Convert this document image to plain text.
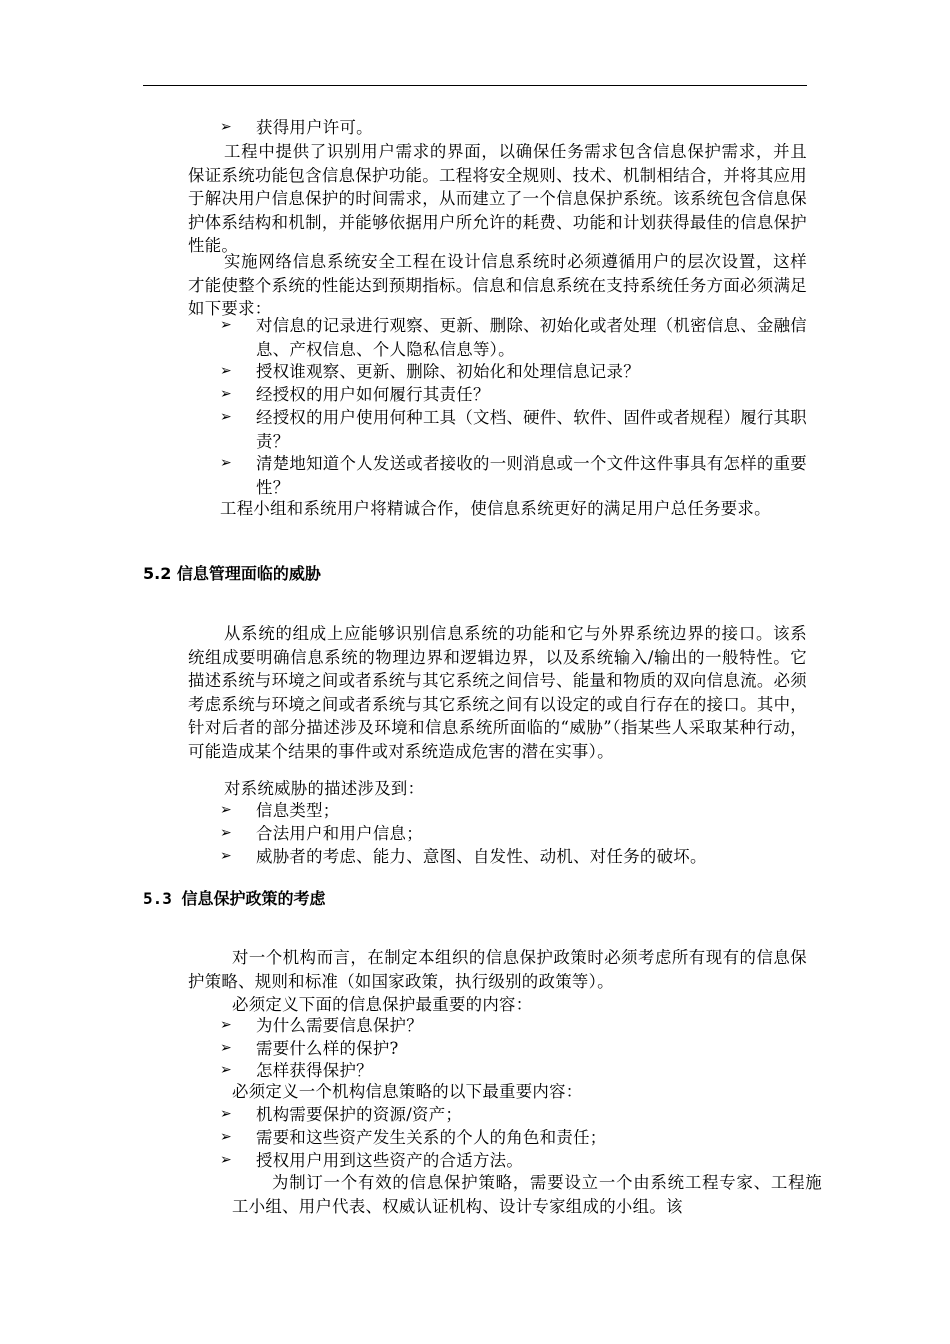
➢	获得用户许可。

工程中提供了识别用户需求的界面，以确保任务需求包含信息保护需求，并且保证系统功能包含信息保护功能。工程将安全规则、技术、机制相结合，并将其应用于解决用户信息保护的时间需求，从而建立了一个信息保护系统。该系统包含信息保护体系结构和机制，并能够依据用户所允许的耗费、功能和计划获得最佳的信息保护性能。

实施网络信息系统安全工程在设计信息系统时必须遵循用户的层次设置，这样才能使整个系统的性能达到预期指标。信息和信息系统在支持系统任务方面必须满足如下要求：

➢	对信息的记录进行观察、更新、删除、初始化或者处理（机密信息、金融信息、产权信息、个人隐私信息等）。
➢	授权谁观察、更新、删除、初始化和处理信息记录？
➢	经授权的用户如何履行其责任？
➢	经授权的用户使用何种工具（文档、硬件、软件、固件或者规程）履行其职责？
➢	清楚地知道个人发送或者接收的一则消息或一个文件这件事具有怎样的重要性？

工程小组和系统用户将精诚合作，使信息系统更好的满足用户总任务要求。

5.2 信息管理面临的威胁

从系统的组成上应能够识别信息系统的功能和它与外界系统边界的接口。该系统组成要明确信息系统的物理边界和逻辑边界，以及系统输入/输出的一般特性。它描述系统与环境之间或者系统与其它系统之间信号、能量和物质的双向信息流。必须考虑系统与环境之间或者系统与其它系统之间有以设定的或自行存在的接口。其中，针对后者的部分描述涉及环境和信息系统所面临的“威胁”（指某些人采取某种行动，可能造成某个结果的事件或对系统造成危害的潜在实事）。

对系统威胁的描述涉及到：

➢	信息类型；
➢	合法用户和用户信息；
➢	威胁者的考虑、能力、意图、自发性、动机、对任务的破坏。
5.3 信息保护政策的考虑

对一个机构而言，在制定本组织的信息保护政策时必须考虑所有现有的信息保护策略、规则和标准（如国家政策，执行级别的政策等）。

必须定义下面的信息保护最重要的内容：

➢	为什么需要信息保护？
➢	需要什么样的保护?
➢	怎样获得保护？

必须定义一个机构信息策略的以下最重要内容：

➢	机构需要保护的资源/资产；
➢	需要和这些资产发生关系的个人的角色和责任；
➢	授权用户用到这些资产的合适方法。

为制订一个有效的信息保护策略，需要设立一个由系统工程专家、工程施工小组、用户代表、权威认证机构、设计专家组成的小组。该
